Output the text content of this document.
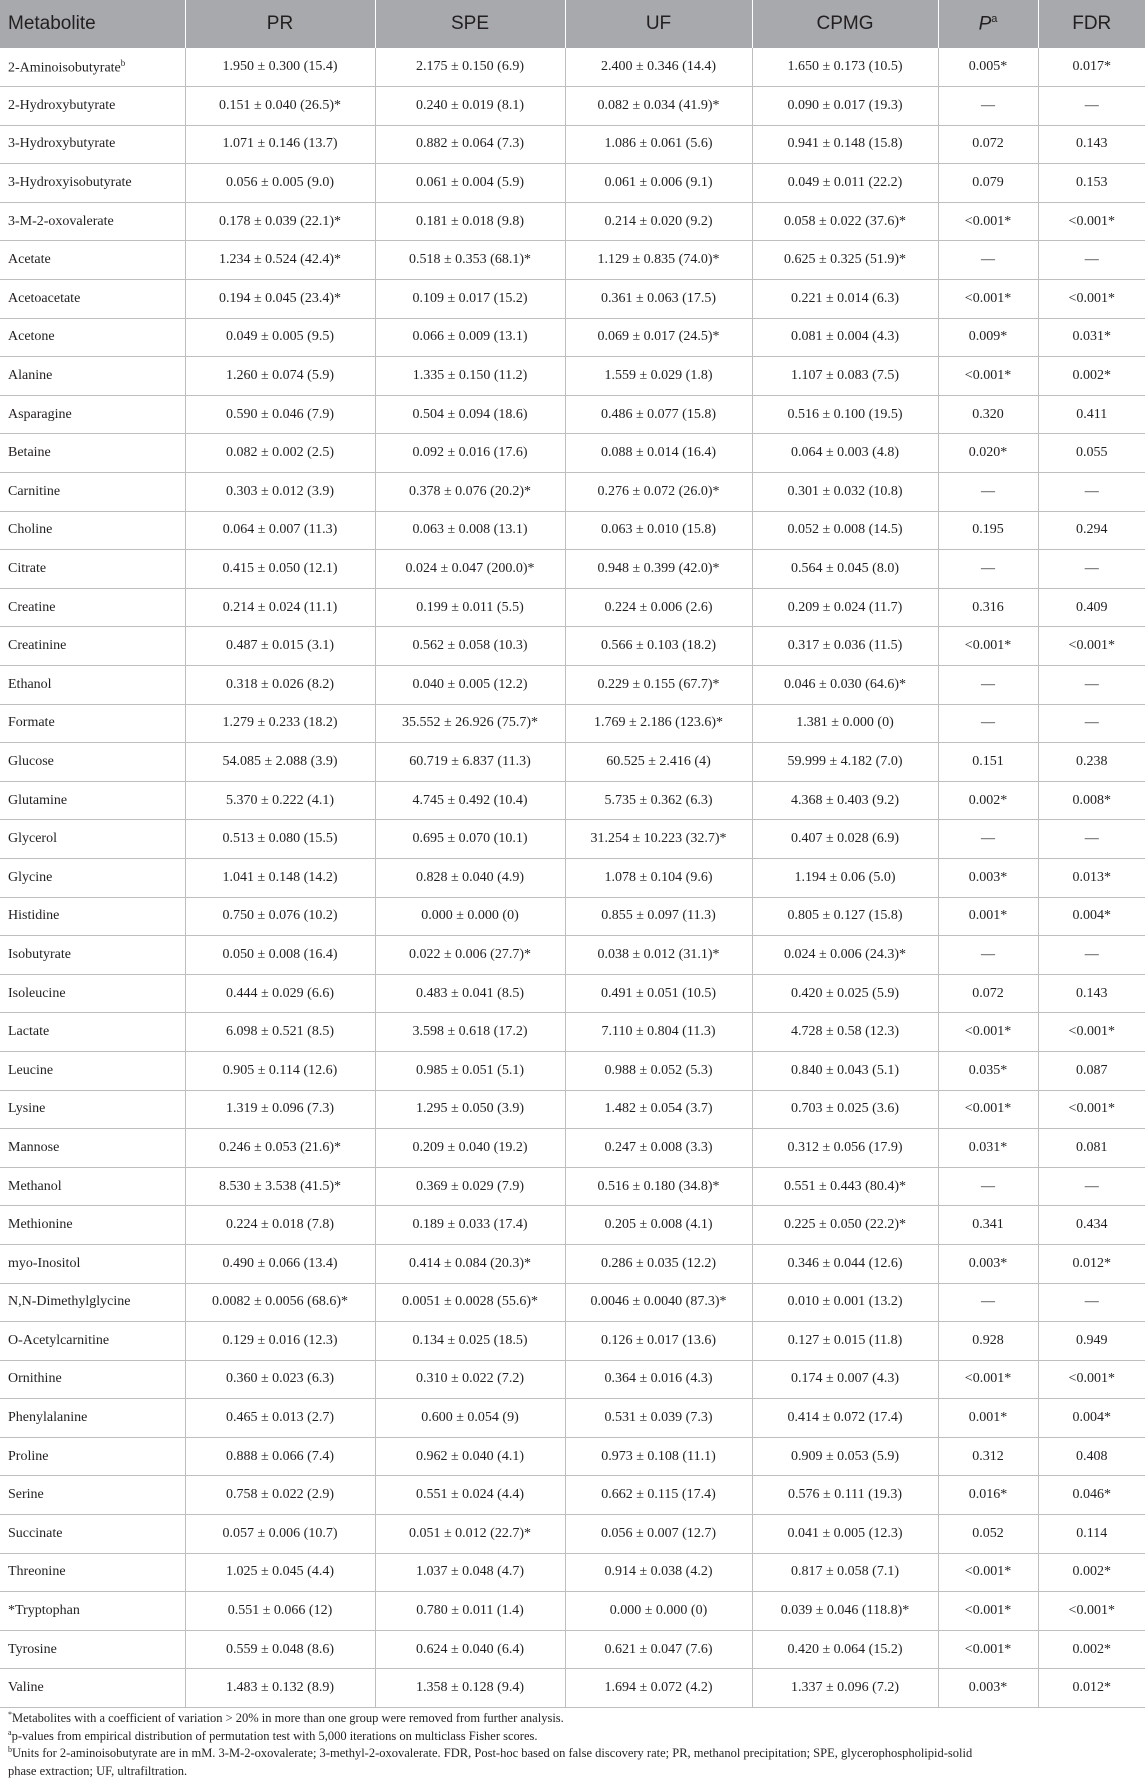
Metabolite	PR	SPE	UF	CPMG	$P^a$	FDR
2-Aminoisobutyrate$^b$	1.950 ± 0.300 (15.4)	2.175 ± 0.150 (6.9)	2.400 ± 0.346 (14.4)	1.650 ± 0.173 (10.5)	0.005*	0.017*
2-Hydroxybutyrate	0.151 ± 0.040 (26.5)*	0.240 ± 0.019 (8.1)	0.082 ± 0.034 (41.9)*	0.090 ± 0.017 (19.3)	—	—
3-Hydroxybutyrate	1.071 ± 0.146 (13.7)	0.882 ± 0.064 (7.3)	1.086 ± 0.061 (5.6)	0.941 ± 0.148 (15.8)	0.072	0.143
3-Hydroxyisobutyrate	0.056 ± 0.005 (9.0)	0.061 ± 0.004 (5.9)	0.061 ± 0.006 (9.1)	0.049 ± 0.011 (22.2)	0.079	0.153
3-M-2-oxovalerate	0.178 ± 0.039 (22.1)*	0.181 ± 0.018 (9.8)	0.214 ± 0.020 (9.2)	0.058 ± 0.022 (37.6)*	<0.001*	<0.001*
Acetate	1.234 ± 0.524 (42.4)*	0.518 ± 0.353 (68.1)*	1.129 ± 0.835 (74.0)*	0.625 ± 0.325 (51.9)*	—	—
Acetoacetate	0.194 ± 0.045 (23.4)*	0.109 ± 0.017 (15.2)	0.361 ± 0.063 (17.5)	0.221 ± 0.014 (6.3)	<0.001*	<0.001*
Acetone	0.049 ± 0.005 (9.5)	0.066 ± 0.009 (13.1)	0.069 ± 0.017 (24.5)*	0.081 ± 0.004 (4.3)	0.009*	0.031*
Alanine	1.260 ± 0.074 (5.9)	1.335 ± 0.150 (11.2)	1.559 ± 0.029 (1.8)	1.107 ± 0.083 (7.5)	<0.001*	0.002*
Asparagine	0.590 ± 0.046 (7.9)	0.504 ± 0.094 (18.6)	0.486 ± 0.077 (15.8)	0.516 ± 0.100 (19.5)	0.320	0.411
Betaine	0.082 ± 0.002 (2.5)	0.092 ± 0.016 (17.6)	0.088 ± 0.014 (16.4)	0.064 ± 0.003 (4.8)	0.020*	0.055
Carnitine	0.303 ± 0.012 (3.9)	0.378 ± 0.076 (20.2)*	0.276 ± 0.072 (26.0)*	0.301 ± 0.032 (10.8)	—	—
Choline	0.064 ± 0.007 (11.3)	0.063 ± 0.008 (13.1)	0.063 ± 0.010 (15.8)	0.052 ± 0.008 (14.5)	0.195	0.294
Citrate	0.415 ± 0.050 (12.1)	0.024 ± 0.047 (200.0)*	0.948 ± 0.399 (42.0)*	0.564 ± 0.045 (8.0)	—	—
Creatine	0.214 ± 0.024 (11.1)	0.199 ± 0.011 (5.5)	0.224 ± 0.006 (2.6)	0.209 ± 0.024 (11.7)	0.316	0.409
Creatinine	0.487 ± 0.015 (3.1)	0.562 ± 0.058 (10.3)	0.566 ± 0.103 (18.2)	0.317 ± 0.036 (11.5)	<0.001*	<0.001*
Ethanol	0.318 ± 0.026 (8.2)	0.040 ± 0.005 (12.2)	0.229 ± 0.155 (67.7)*	0.046 ± 0.030 (64.6)*	—	—
Formate	1.279 ± 0.233 (18.2)	35.552 ± 26.926 (75.7)*	1.769 ± 2.186 (123.6)*	1.381 ± 0.000 (0)	—	—
Glucose	54.085 ± 2.088 (3.9)	60.719 ± 6.837 (11.3)	60.525 ± 2.416 (4)	59.999 ± 4.182 (7.0)	0.151	0.238
Glutamine	5.370 ± 0.222 (4.1)	4.745 ± 0.492 (10.4)	5.735 ± 0.362 (6.3)	4.368 ± 0.403 (9.2)	0.002*	0.008*
Glycerol	0.513 ± 0.080 (15.5)	0.695 ± 0.070 (10.1)	31.254 ± 10.223 (32.7)*	0.407 ± 0.028 (6.9)	—	—
Glycine	1.041 ± 0.148 (14.2)	0.828 ± 0.040 (4.9)	1.078 ± 0.104 (9.6)	1.194 ± 0.06 (5.0)	0.003*	0.013*
Histidine	0.750 ± 0.076 (10.2)	0.000 ± 0.000 (0)	0.855 ± 0.097 (11.3)	0.805 ± 0.127 (15.8)	0.001*	0.004*
Isobutyrate	0.050 ± 0.008 (16.4)	0.022 ± 0.006 (27.7)*	0.038 ± 0.012 (31.1)*	0.024 ± 0.006 (24.3)*	—	—
Isoleucine	0.444 ± 0.029 (6.6)	0.483 ± 0.041 (8.5)	0.491 ± 0.051 (10.5)	0.420 ± 0.025 (5.9)	0.072	0.143
Lactate	6.098 ± 0.521 (8.5)	3.598 ± 0.618 (17.2)	7.110 ± 0.804 (11.3)	4.728 ± 0.58 (12.3)	<0.001*	<0.001*
Leucine	0.905 ± 0.114 (12.6)	0.985 ± 0.051 (5.1)	0.988 ± 0.052 (5.3)	0.840 ± 0.043 (5.1)	0.035*	0.087
Lysine	1.319 ± 0.096 (7.3)	1.295 ± 0.050 (3.9)	1.482 ± 0.054 (3.7)	0.703 ± 0.025 (3.6)	<0.001*	<0.001*
Mannose	0.246 ± 0.053 (21.6)*	0.209 ± 0.040 (19.2)	0.247 ± 0.008 (3.3)	0.312 ± 0.056 (17.9)	0.031*	0.081
Methanol	8.530 ± 3.538 (41.5)*	0.369 ± 0.029 (7.9)	0.516 ± 0.180 (34.8)*	0.551 ± 0.443 (80.4)*	—	—
Methionine	0.224 ± 0.018 (7.8)	0.189 ± 0.033 (17.4)	0.205 ± 0.008 (4.1)	0.225 ± 0.050 (22.2)*	0.341	0.434
myo-Inositol	0.490 ± 0.066 (13.4)	0.414 ± 0.084 (20.3)*	0.286 ± 0.035 (12.2)	0.346 ± 0.044 (12.6)	0.003*	0.012*
N,N-Dimethylglycine	0.0082 ± 0.0056 (68.6)*	0.0051 ± 0.0028 (55.6)*	0.0046 ± 0.0040 (87.3)*	0.010 ± 0.001 (13.2)	—	—
O-Acetylcarnitine	0.129 ± 0.016 (12.3)	0.134 ± 0.025 (18.5)	0.126 ± 0.017 (13.6)	0.127 ± 0.015 (11.8)	0.928	0.949
Ornithine	0.360 ± 0.023 (6.3)	0.310 ± 0.022 (7.2)	0.364 ± 0.016 (4.3)	0.174 ± 0.007 (4.3)	<0.001*	<0.001*
Phenylalanine	0.465 ± 0.013 (2.7)	0.600 ± 0.054 (9)	0.531 ± 0.039 (7.3)	0.414 ± 0.072 (17.4)	0.001*	0.004*
Proline	0.888 ± 0.066 (7.4)	0.962 ± 0.040 (4.1)	0.973 ± 0.108 (11.1)	0.909 ± 0.053 (5.9)	0.312	0.408
Serine	0.758 ± 0.022 (2.9)	0.551 ± 0.024 (4.4)	0.662 ± 0.115 (17.4)	0.576 ± 0.111 (19.3)	0.016*	0.046*
Succinate	0.057 ± 0.006 (10.7)	0.051 ± 0.012 (22.7)*	0.056 ± 0.007 (12.7)	0.041 ± 0.005 (12.3)	0.052	0.114
Threonine	1.025 ± 0.045 (4.4)	1.037 ± 0.048 (4.7)	0.914 ± 0.038 (4.2)	0.817 ± 0.058 (7.1)	<0.001*	0.002*
*Tryptophan	0.551 ± 0.066 (12)	0.780 ± 0.011 (1.4)	0.000 ± 0.000 (0)	0.039 ± 0.046 (118.8)*	<0.001*	<0.001*
Tyrosine	0.559 ± 0.048 (8.6)	0.624 ± 0.040 (6.4)	0.621 ± 0.047 (7.6)	0.420 ± 0.064 (15.2)	<0.001*	0.002*
Valine	1.483 ± 0.132 (8.9)	1.358 ± 0.128 (9.4)	1.694 ± 0.072 (4.2)	1.337 ± 0.096 (7.2)	0.003*	0.012*
*Metabolites with a coefficient of variation > 20% in more than one group were removed from further analysis.
$^a$p-values from empirical distribution of permutation test with 5,000 iterations on multiclass Fisher scores.
$^b$Units for 2-aminoisobutyrate are in mM. 3-M-2-oxovalerate; 3-methyl-2-oxovalerate. FDR, Post-hoc based on false discovery rate; PR, methanol precipitation; SPE, glycerophospholipid-solid
phase extraction; UF, ultrafiltration.
